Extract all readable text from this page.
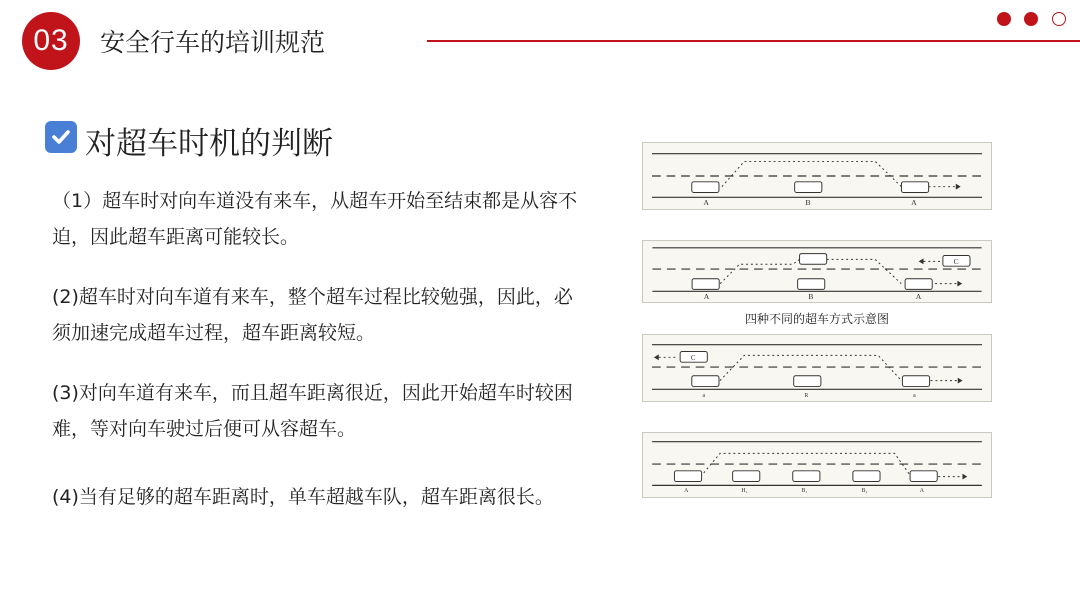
03	安全行车的培训规范
对超车时机的判断
（1）超车时对向车道没有来车，从超车开始至结束都是从容不迫，因此超车距离可能较长。
(2)超车时对向车道有来车，整个超车过程比较勉强，因此，必须加速完成超车过程，超车距离较短。
(3)对向车道有来车，而且超车距离很近，因此开始超车时较困难，等对向车驶过后便可从容超车。
(4)当有足够的超车距离时，单车超越车队，超车距离很长。
A	B	A
C
A	B	A
四种不同的超车方式示意图
C
a	R	a
A	H₁	B₁	B₂	A
